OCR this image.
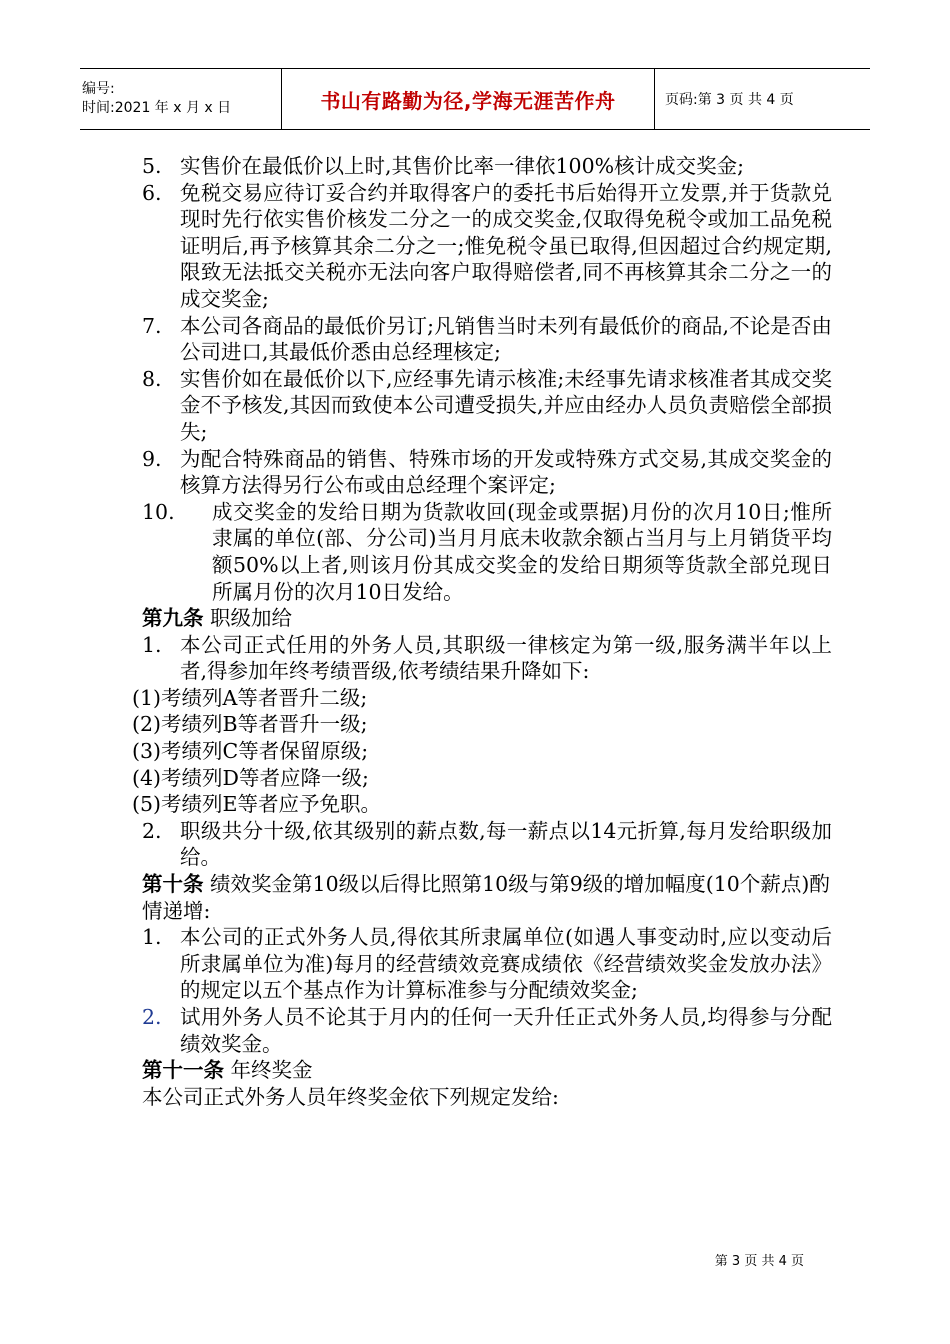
编号:
时间:2021 年 x 月 x 日	书山有路勤为径,学海无涯苦作舟	页码:第 3 页 共 4 页
5. 实售价在最低价以上时,其售价比率一律依100%核计成交奖金;
6. 免税交易应待订妥合约并取得客户的委托书后始得开立发票,并于货款兑现时先行依实售价核发二分之一的成交奖金,仅取得免税令或加工品免税证明后,再予核算其余二分之一;惟免税令虽已取得,但因超过合约规定期,限致无法抵交关税亦无法向客户取得赔偿者,同不再核算其余二分之一的成交奖金;
7. 本公司各商品的最低价另订;凡销售当时未列有最低价的商品,不论是否由公司进口,其最低价悉由总经理核定;
8. 实售价如在最低价以下,应经事先请示核准;未经事先请求核准者其成交奖金不予核发,其因而致使本公司遭受损失,并应由经办人员负责赔偿全部损失;
9. 为配合特殊商品的销售、特殊市场的开发或特殊方式交易,其成交奖金的核算方法得另行公布或由总经理个案评定;
10.	成交奖金的发给日期为货款收回(现金或票据)月份的次月10日;惟所隶属的单位(部、分公司)当月月底未收款余额占当月与上月销货平均额50%以上者,则该月份其成交奖金的发给日期须等货款全部兑现日所属月份的次月10日发给。
第九条 职级加给
1. 本公司正式任用的外务人员,其职级一律核定为第一级,服务满半年以上者,得参加年终考绩晋级,依考绩结果升降如下:
(1)考绩列A等者晋升二级;
(2)考绩列B等者晋升一级;
(3)考绩列C等者保留原级;
(4)考绩列D等者应降一级;
(5)考绩列E等者应予免职。
2. 职级共分十级,依其级别的薪点数,每一薪点以14元折算,每月发给职级加给。
第十条 绩效奖金第10级以后得比照第10级与第9级的增加幅度(10个薪点)酌情递增:
1. 本公司的正式外务人员,得依其所隶属单位(如遇人事变动时,应以变动后所隶属单位为准)每月的经营绩效竞赛成绩依《经营绩效奖金发放办法》的规定以五个基点作为计算标准参与分配绩效奖金;
2. 试用外务人员不论其于月内的任何一天升任正式外务人员,均得参与分配绩效奖金。
第十一条 年终奖金
本公司正式外务人员年终奖金依下列规定发给:
第 3 页 共 4 页
